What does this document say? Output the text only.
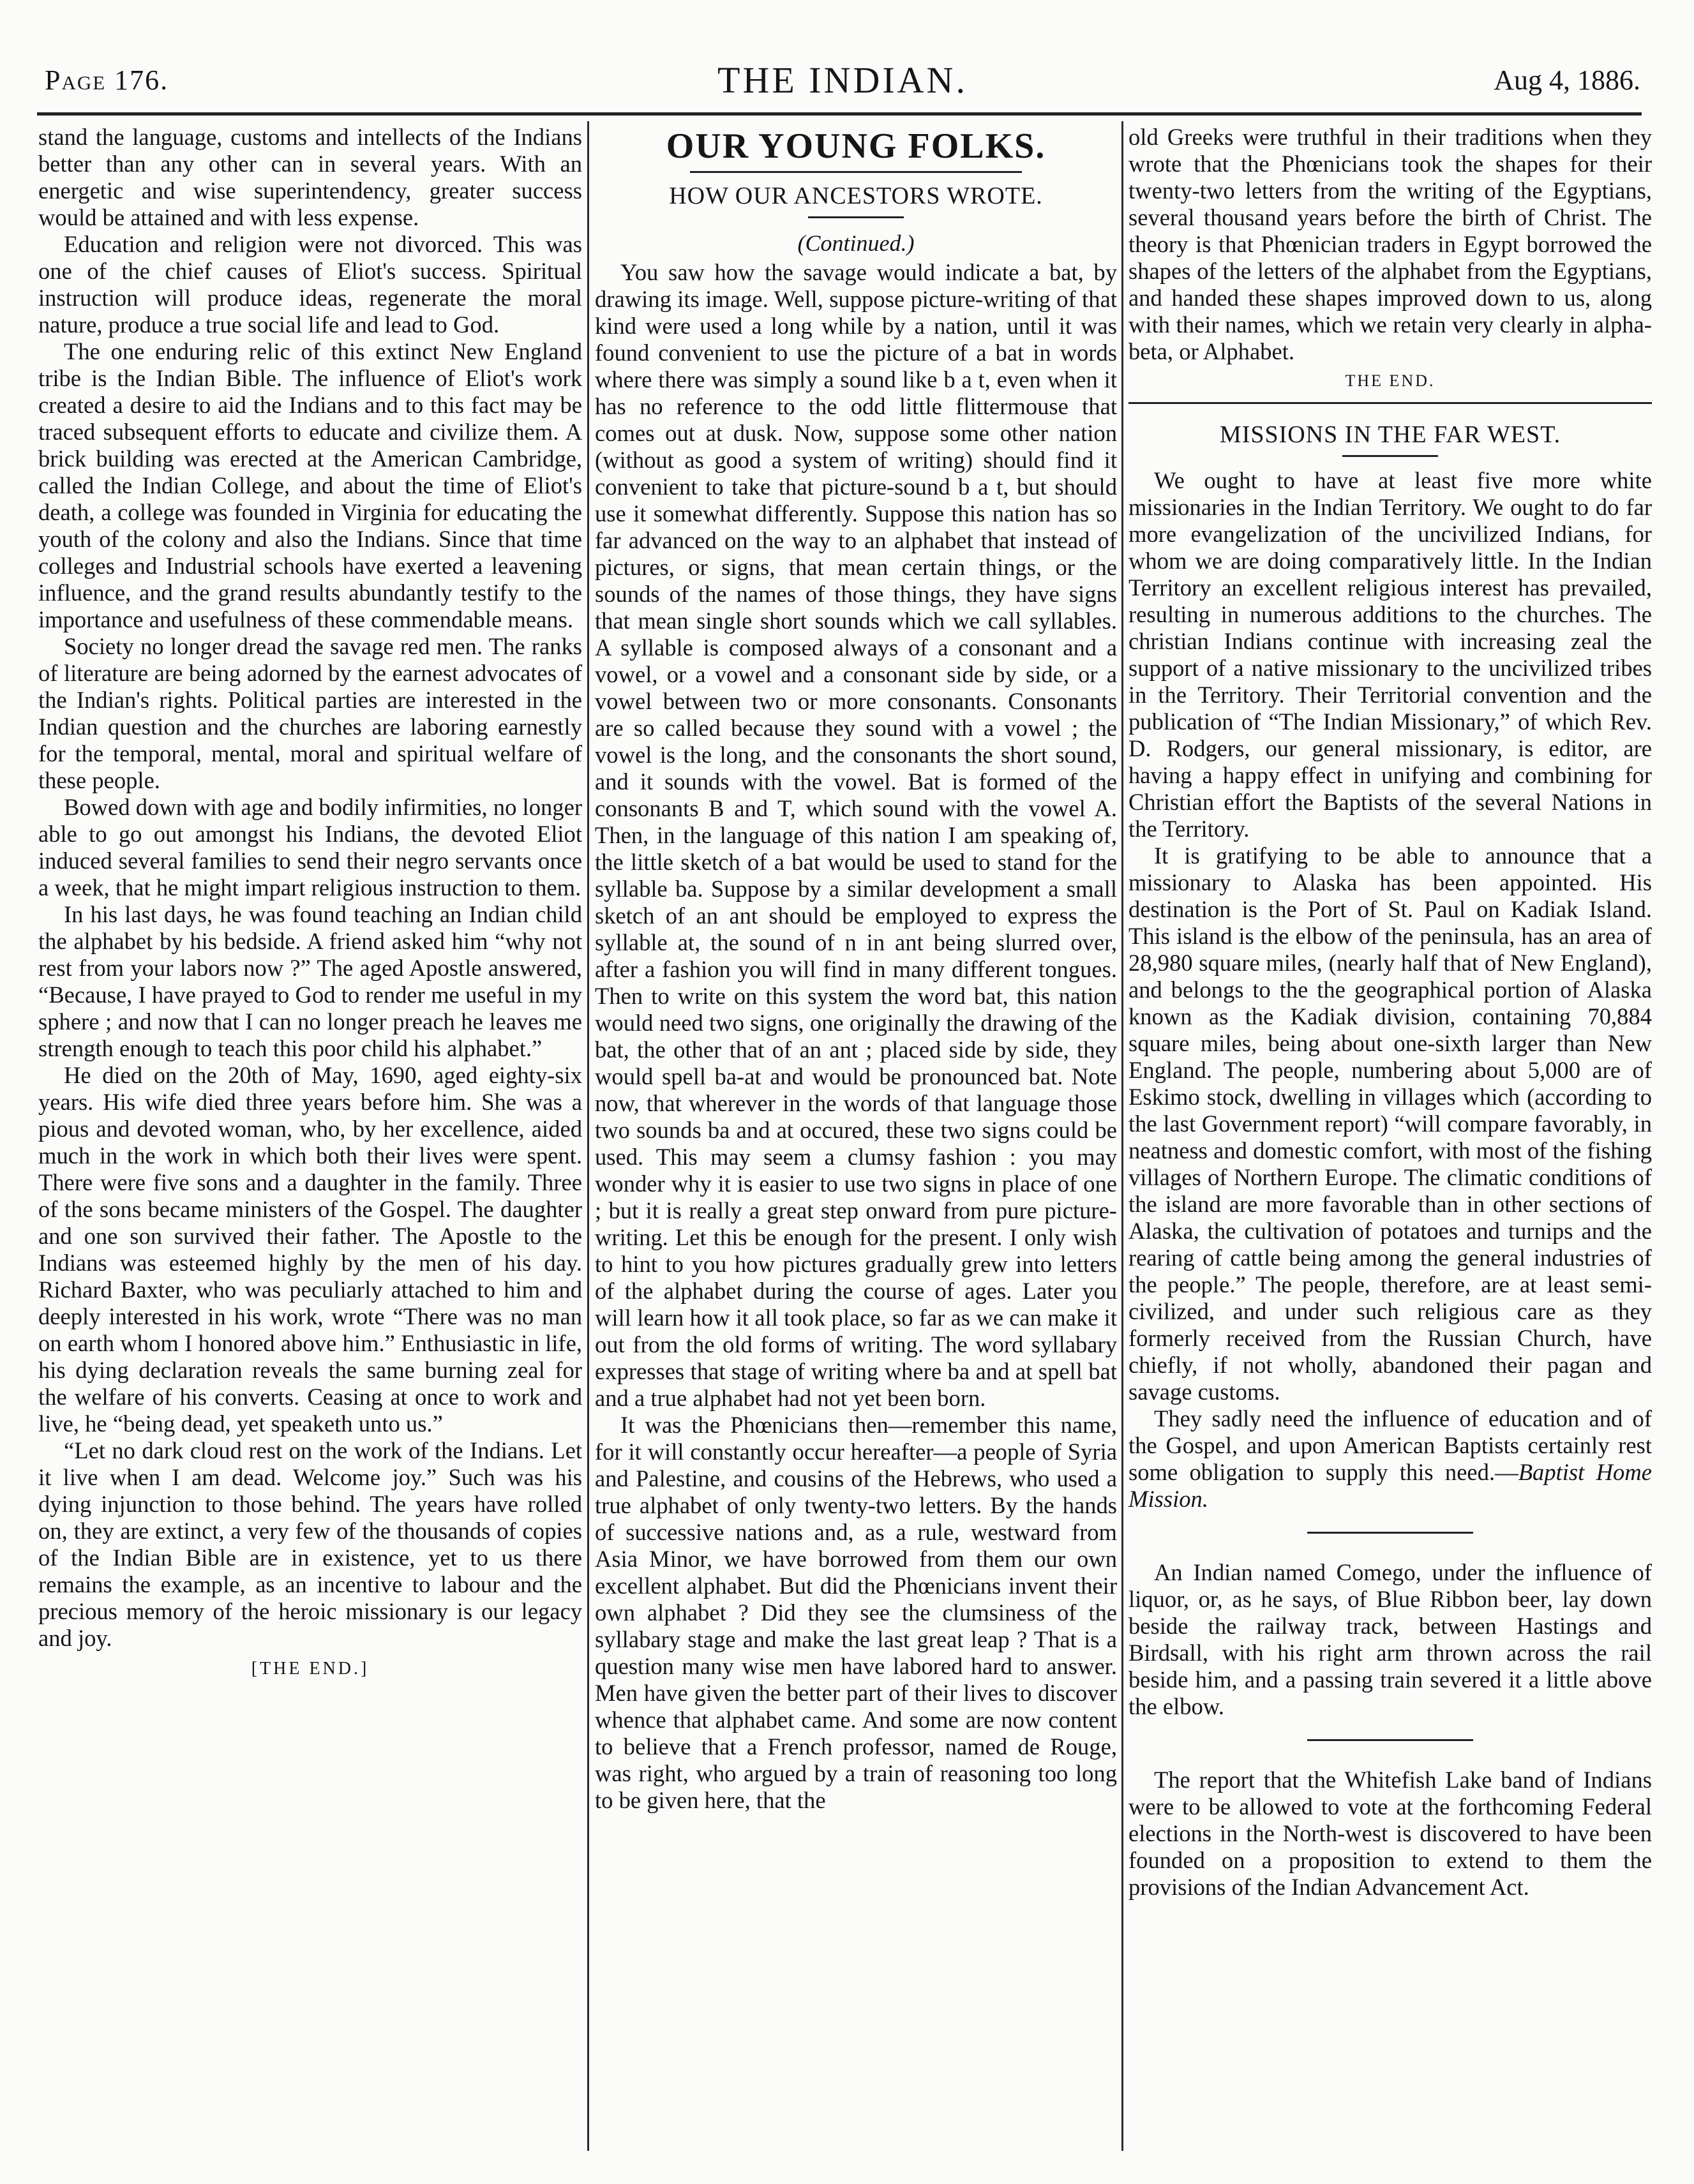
THE INDIAN.
Page 176.	Aug 4, 1886.

stand the language, customs and intellects of the Indians better than any other can in several years. With an energetic and wise superintendency, greater success would be attained and with less expense.

Education and religion were not divorced. This was one of the chief causes of Eliot's success. Spiritual instruction will produce ideas, regenerate the moral nature, produce a true social life and lead to God.

The one enduring relic of this extinct New England tribe is the Indian Bible. The influence of Eliot's work created a desire to aid the Indians and to this fact may be traced subsequent efforts to educate and civilize them. A brick building was erected at the American Cambridge, called the Indian College, and about the time of Eliot's death, a college was founded in Virginia for educating the youth of the colony and also the Indians. Since that time colleges and Industrial schools have exerted a leavening influence, and the grand results abundantly testify to the importance and usefulness of these commendable means.

Society no longer dread the savage red men. The ranks of literature are being adorned by the earnest advocates of the Indian's rights. Political parties are interested in the Indian question and the churches are laboring earnestly for the temporal, mental, moral and spiritual welfare of these people.

Bowed down with age and bodily infirmities, no longer able to go out amongst his Indians, the devoted Eliot induced several families to send their negro servants once a week, that he might impart religious instruction to them.

In his last days, he was found teaching an Indian child the alphabet by his bedside. A friend asked him “why not rest from your labors now ?” The aged Apostle answered, “Because, I have prayed to God to render me useful in my sphere ; and now that I can no longer preach he leaves me strength enough to teach this poor child his alphabet.”

He died on the 20th of May, 1690, aged eighty-six years. His wife died three years before him. She was a pious and devoted woman, who, by her excellence, aided much in the work in which both their lives were spent. There were five sons and a daughter in the family. Three of the sons became ministers of the Gospel. The daughter and one son survived their father. The Apostle to the Indians was esteemed highly by the men of his day. Richard Baxter, who was peculiarly attached to him and deeply interested in his work, wrote “There was no man on earth whom I honored above him.” Enthusiastic in life, his dying declaration reveals the same burning zeal for the welfare of his converts. Ceasing at once to work and live, he “being dead, yet speaketh unto us.”

“Let no dark cloud rest on the work of the Indians. Let it live when I am dead. Welcome joy.” Such was his dying injunction to those behind. The years have rolled on, they are extinct, a very few of the thousands of copies of the Indian Bible are in existence, yet to us there remains the example, as an incentive to labour and the precious memory of the heroic missionary is our legacy and joy.

[THE END.]
OUR YOUNG FOLKS.
HOW OUR ANCESTORS WROTE.
(Continued.)

You saw how the savage would indicate a bat, by drawing its image. Well, suppose picture-writing of that kind were used a long while by a nation, until it was found convenient to use the picture of a bat in words where there was simply a sound like b a t, even when it has no reference to the odd little flittermouse that comes out at dusk. Now, suppose some other nation (without as good a system of writing) should find it convenient to take that picture-sound b a t, but should use it somewhat differently. Suppose this nation has so far advanced on the way to an alphabet that instead of pictures, or signs, that mean certain things, or the sounds of the names of those things, they have signs that mean single short sounds which we call syllables. A syllable is composed always of a consonant and a vowel, or a vowel and a consonant side by side, or a vowel between two or more consonants. Consonants are so called because they sound with a vowel ; the vowel is the long, and the consonants the short sound, and it sounds with the vowel. Bat is formed of the consonants B and T, which sound with the vowel A. Then, in the language of this nation I am speaking of, the little sketch of a bat would be used to stand for the syllable ba. Suppose by a similar development a small sketch of an ant should be employed to express the syllable at, the sound of n in ant being slurred over, after a fashion you will find in many different tongues. Then to write on this system the word bat, this nation would need two signs, one originally the drawing of the bat, the other that of an ant ; placed side by side, they would spell ba-at and would be pronounced bat. Note now, that wherever in the words of that language those two sounds ba and at occured, these two signs could be used. This may seem a clumsy fashion : you may wonder why it is easier to use two signs in place of one ; but it is really a great step onward from pure picture-writing. Let this be enough for the present. I only wish to hint to you how pictures gradually grew into letters of the alphabet during the course of ages. Later you will learn how it all took place, so far as we can make it out from the old forms of writing. The word syllabary expresses that stage of writing where ba and at spell bat and a true alphabet had not yet been born.

It was the Phœnicians then—remember this name, for it will constantly occur hereafter—a people of Syria and Palestine, and cousins of the Hebrews, who used a true alphabet of only twenty-two letters. By the hands of successive nations and, as a rule, westward from Asia Minor, we have borrowed from them our own excellent alphabet. But did the Phœnicians invent their own alphabet ? Did they see the clumsiness of the syllabary stage and make the last great leap ? That is a question many wise men have labored hard to answer. Men have given the better part of their lives to discover whence that alphabet came. And some are now content to believe that a French professor, named de Rouge, was right, who argued by a train of reasoning too long to be given here, that the

old Greeks were truthful in their traditions when they wrote that the Phœnicians took the shapes for their twenty-two letters from the writing of the Egyptians, several thousand years before the birth of Christ. The theory is that Phœnician traders in Egypt borrowed the shapes of the letters of the alphabet from the Egyptians, and handed these shapes improved down to us, along with their names, which we retain very clearly in alpha-beta, or Alphabet.

THE END.
MISSIONS IN THE FAR WEST.

We ought to have at least five more white missionaries in the Indian Territory. We ought to do far more evangelization of the uncivilized Indians, for whom we are doing comparatively little. In the Indian Territory an excellent religious interest has prevailed, resulting in numerous additions to the churches. The christian Indians continue with increasing zeal the support of a native missionary to the uncivilized tribes in the Territory. Their Territorial convention and the publication of “The Indian Missionary,” of which Rev. D. Rodgers, our general missionary, is editor, are having a happy effect in unifying and combining for Christian effort the Baptists of the several Nations in the Territory.

It is gratifying to be able to announce that a missionary to Alaska has been appointed. His destination is the Port of St. Paul on Kadiak Island. This island is the elbow of the peninsula, has an area of 28,980 square miles, (nearly half that of New England), and belongs to the the geographical portion of Alaska known as the Kadiak division, containing 70,884 square miles, being about one-sixth larger than New England. The people, numbering about 5,000 are of Eskimo stock, dwelling in villages which (according to the last Government report) “will compare favorably, in neatness and domestic comfort, with most of the fishing villages of Northern Europe. The climatic conditions of the island are more favorable than in other sections of Alaska, the cultivation of potatoes and turnips and the rearing of cattle being among the general industries of the people.” The people, therefore, are at least semi-civilized, and under such religious care as they formerly received from the Russian Church, have chiefly, if not wholly, abandoned their pagan and savage customs.

They sadly need the influence of education and of the Gospel, and upon American Baptists certainly rest some obligation to supply this need.—Baptist Home Mission.

An Indian named Comego, under the influence of liquor, or, as he says, of Blue Ribbon beer, lay down beside the railway track, between Hastings and Birdsall, with his right arm thrown across the rail beside him, and a passing train severed it a little above the elbow.

The report that the Whitefish Lake band of Indians were to be allowed to vote at the forthcoming Federal elections in the North-west is discovered to have been founded on a proposition to extend to them the provisions of the Indian Advancement Act.
